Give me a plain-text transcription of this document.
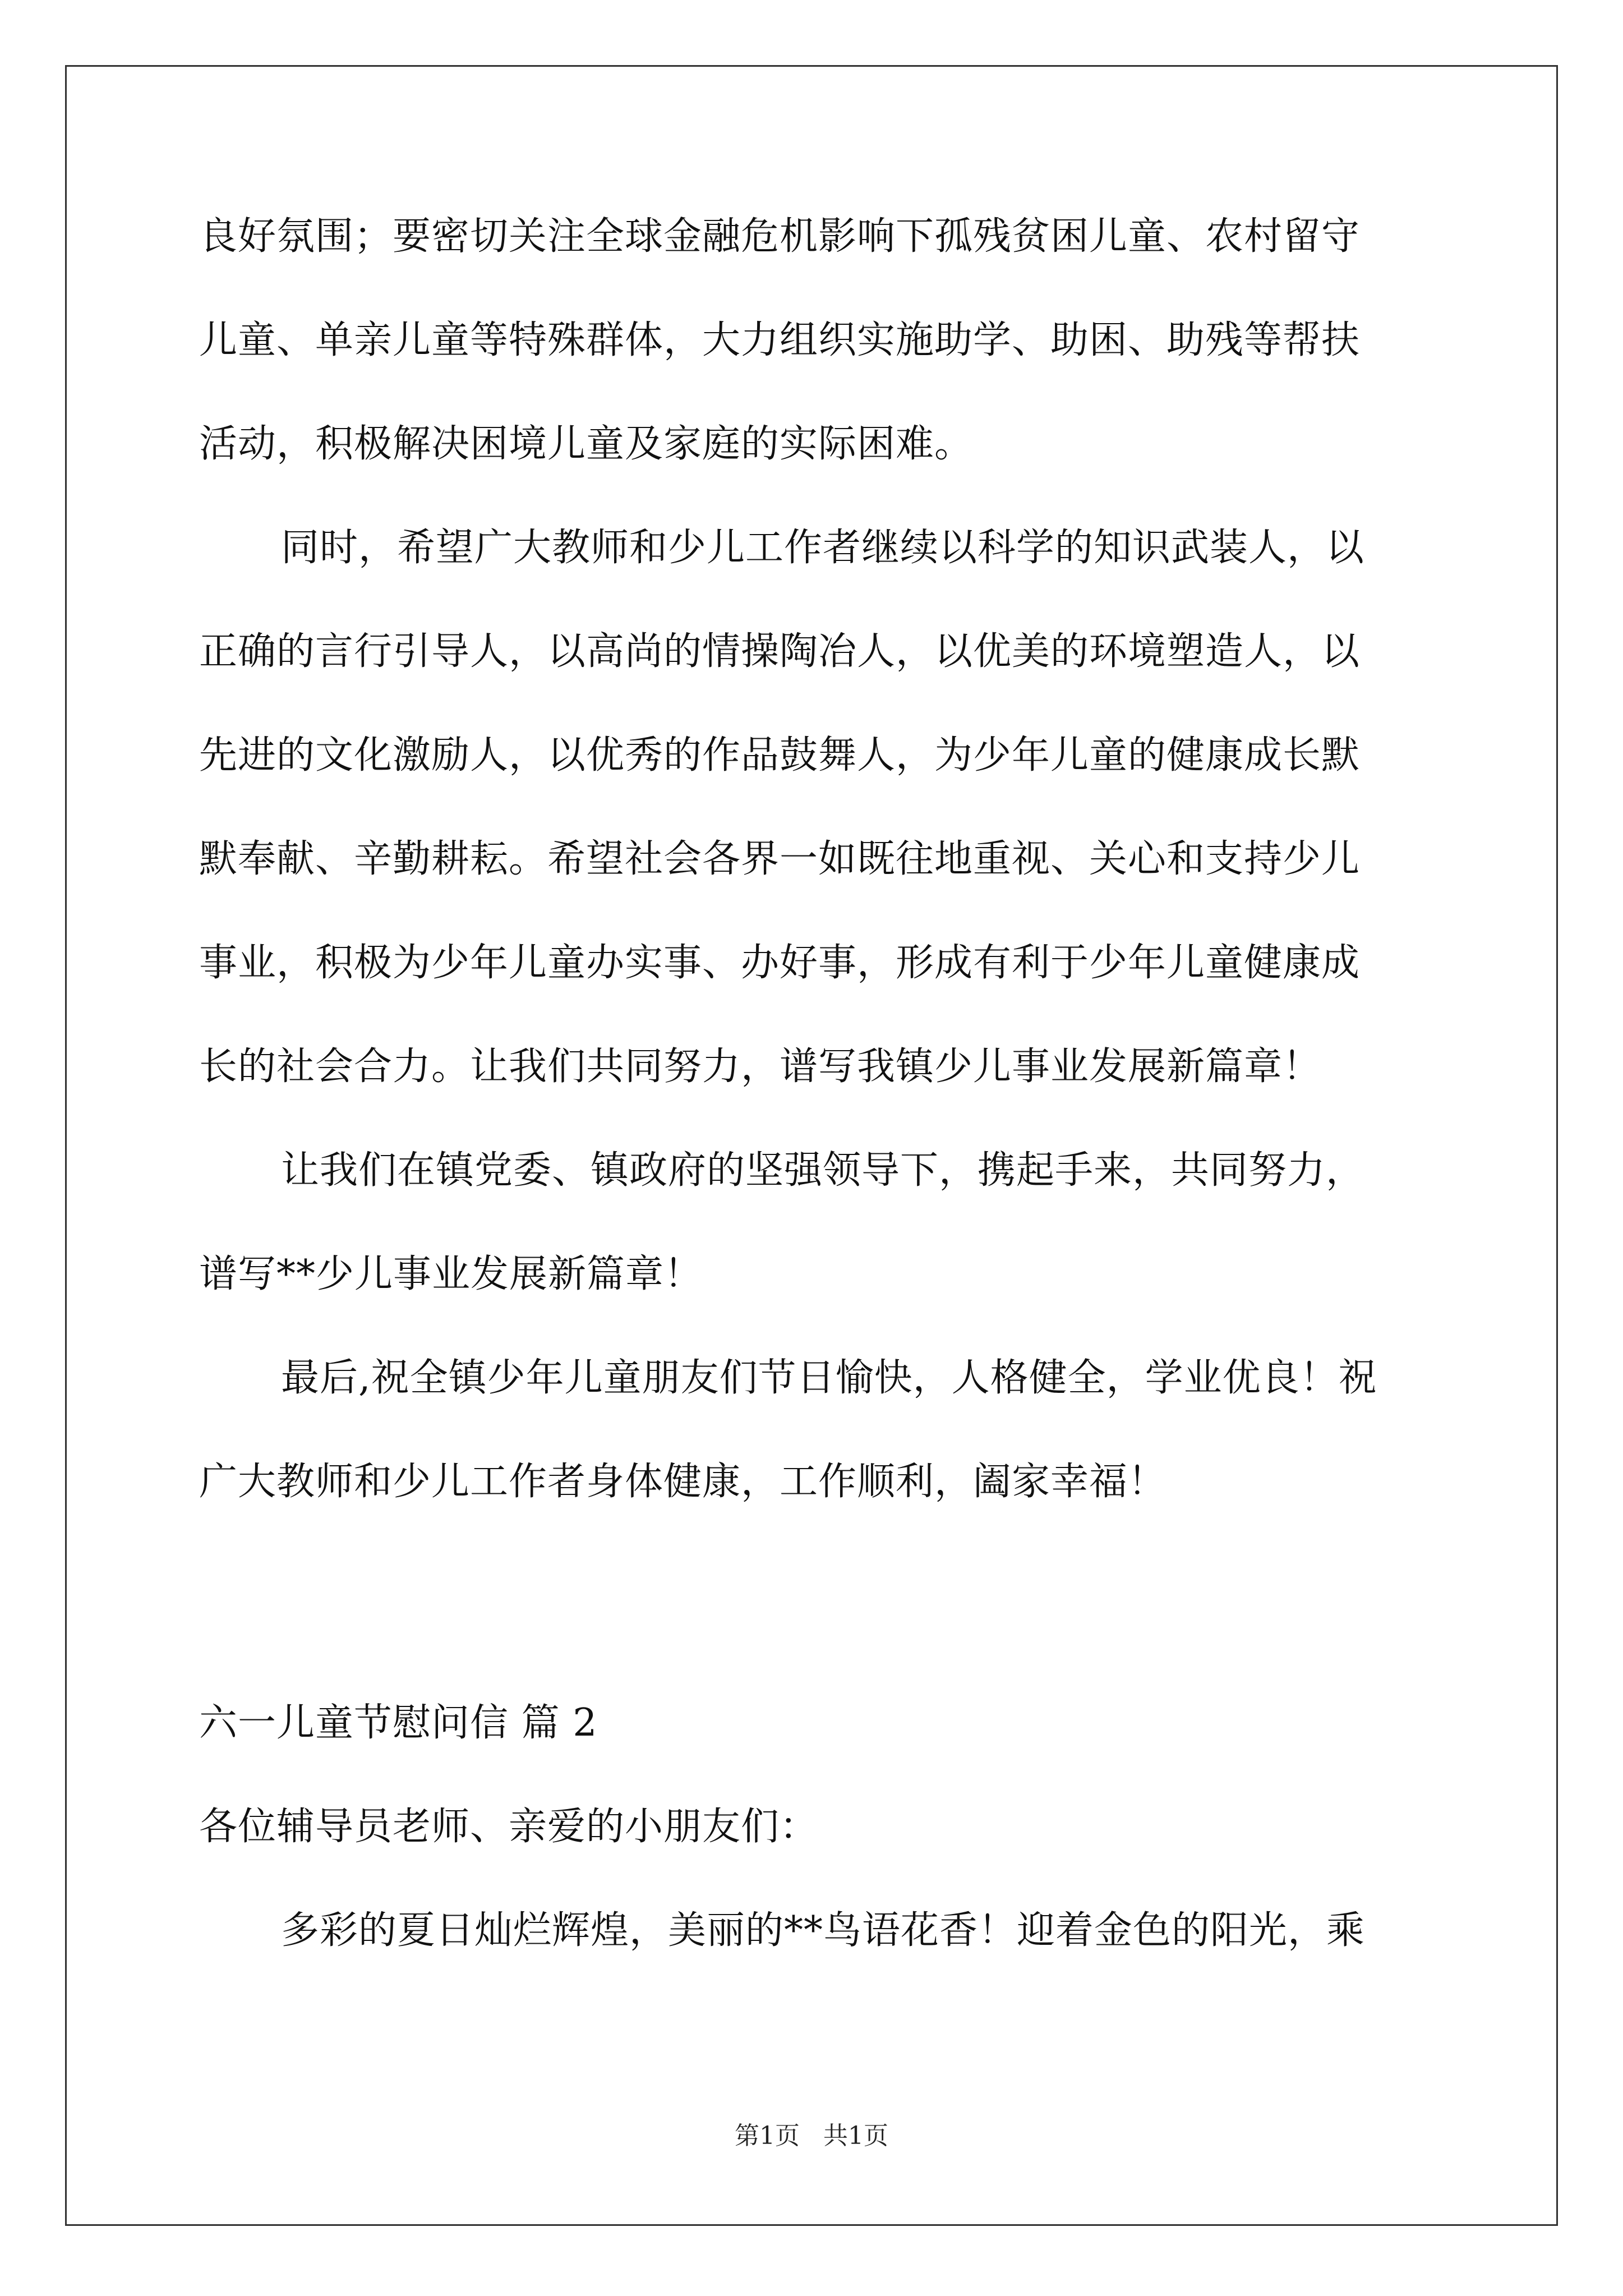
良好氛围；要密切关注全球金融危机影响下孤残贫困儿童、农村留守
儿童、单亲儿童等特殊群体，大力组织实施助学、助困、助残等帮扶
活动，积极解决困境儿童及家庭的实际困难。
同时，希望广大教师和少儿工作者继续以科学的知识武装人，以
正确的言行引导人，以高尚的情操陶冶人，以优美的环境塑造人，以
先进的文化激励人，以优秀的作品鼓舞人，为少年儿童的健康成长默
默奉献、辛勤耕耘。希望社会各界一如既往地重视、关心和支持少儿
事业，积极为少年儿童办实事、办好事，形成有利于少年儿童健康成
长的社会合力。让我们共同努力，谱写我镇少儿事业发展新篇章！
让我们在镇党委、镇政府的坚强领导下，携起手来，共同努力，
谱写**少儿事业发展新篇章！
最后,祝全镇少年儿童朋友们节日愉快，人格健全，学业优良！祝
广大教师和少儿工作者身体健康，工作顺利，阖家幸福！
六一儿童节慰问信 篇 2
各位辅导员老师、亲爱的小朋友们：
多彩的夏日灿烂辉煌，美丽的**鸟语花香！迎着金色的阳光，乘
第1页   共1页
